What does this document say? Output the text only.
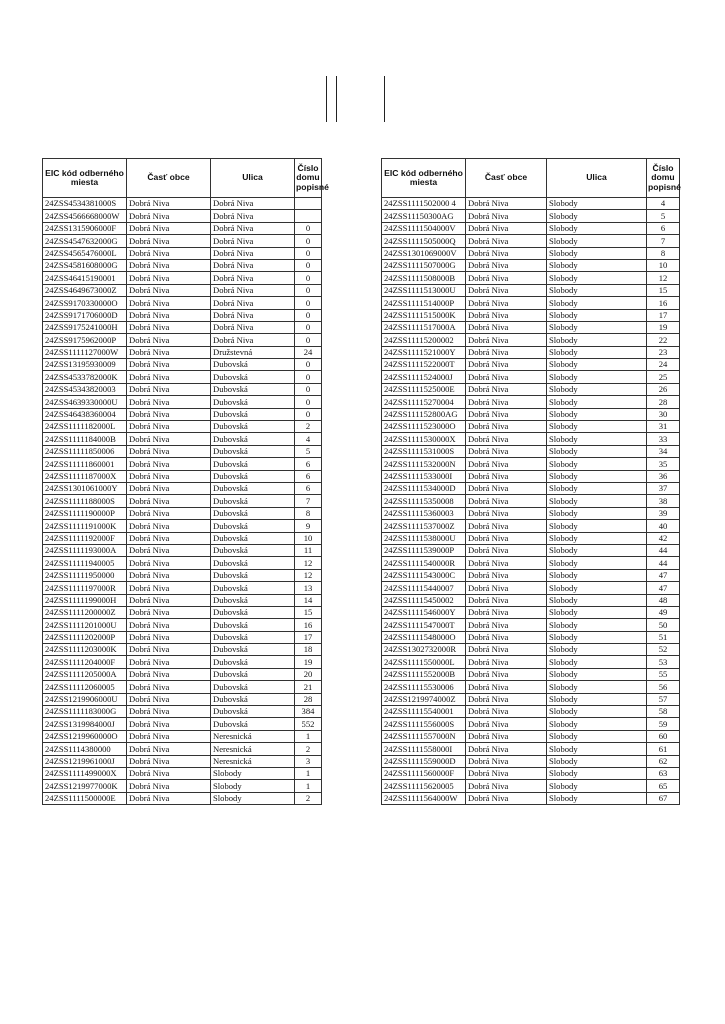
EIC kód odberného miesta	Časť obce	Ulica	Číslo domu popisné
24ZSS4534381000S	Dobrá Niva	Dobrá Niva	
24ZSS4566668000W	Dobrá Niva	Dobrá Niva	
24ZSS1315906000F	Dobrá Niva	Dobrá Niva	0
24ZSS4547632000G	Dobrá Niva	Dobrá Niva	0
24ZSS4565476000L	Dobrá Niva	Dobrá Niva	0
24ZSS4581608000G	Dobrá Niva	Dobrá Niva	0
24ZSS46415190001	Dobrá Niva	Dobrá Niva	0
24ZSS4649673000Z	Dobrá Niva	Dobrá Niva	0
24ZSS9170330000O	Dobrá Niva	Dobrá Niva	0
24ZSS9171706000D	Dobrá Niva	Dobrá Niva	0
24ZSS9175241000H	Dobrá Niva	Dobrá Niva	0
24ZSS9175962000P	Dobrá Niva	Dobrá Niva	0
24ZSS1111127000W	Dobrá Niva	Družstevná	24
24ZSS13195930009	Dobrá Niva	Dubovská	0
24ZSS4533782000K	Dobrá Niva	Dubovská	0
24ZSS45343820003	Dobrá Niva	Dubovská	0
24ZSS4639330000U	Dobrá Niva	Dubovská	0
24ZSS46438360004	Dobrá Niva	Dubovská	0
24ZSS1111182000L	Dobrá Niva	Dubovská	2
24ZSS1111184000B	Dobrá Niva	Dubovská	4
24ZSS11111850006	Dobrá Niva	Dubovská	5
24ZSS11111860001	Dobrá Niva	Dubovská	6
24ZSS1111187000X	Dobrá Niva	Dubovská	6
24ZSS1301061000Y	Dobrá Niva	Dubovská	6
24ZSS1111188000S	Dobrá Niva	Dubovská	7
24ZSS1111190000P	Dobrá Niva	Dubovská	8
24ZSS1111191000K	Dobrá Niva	Dubovská	9
24ZSS1111192000F	Dobrá Niva	Dubovská	10
24ZSS1111193000A	Dobrá Niva	Dubovská	11
24ZSS11111940005	Dobrá Niva	Dubovská	12
24ZSS11111950000	Dobrá Niva	Dubovská	12
24ZSS1111197000R	Dobrá Niva	Dubovská	13
24ZSS1111199000H	Dobrá Niva	Dubovská	14
24ZSS1111200000Z	Dobrá Niva	Dubovská	15
24ZSS1111201000U	Dobrá Niva	Dubovská	16
24ZSS1111202000P	Dobrá Niva	Dubovská	17
24ZSS1111203000K	Dobrá Niva	Dubovská	18
24ZSS1111204000F	Dobrá Niva	Dubovská	19
24ZSS1111205000A	Dobrá Niva	Dubovská	20
24ZSS11112060005	Dobrá Niva	Dubovská	21
24ZSS1219906000U	Dobrá Niva	Dubovská	28
24ZSS1111183000G	Dobrá Niva	Dubovská	384
24ZSS1319984000J	Dobrá Niva	Dubovská	552
24ZSS1219960000O	Dobrá Niva	Neresnická	1
24ZSS1114380000	Dobrá Niva	Neresnická	2
24ZSS1219961000J	Dobrá Niva	Neresnická	3
24ZSS1111499000X	Dobrá Niva	Slobody	1
24ZSS1219977000K	Dobrá Niva	Slobody	1
24ZSS1111500000E	Dobrá Niva	Slobody	2
EIC kód odberného miesta	Časť obce	Ulica	Číslo domu popisné
24ZSS1111502000 4	Dobrá Niva	Slobody	4
24ZSS11150300AG	Dobrá Niva	Slobody	5
24ZSS1111504000V	Dobrá Niva	Slobody	6
24ZSS1111505000Q	Dobrá Niva	Slobody	7
24ZSS1301069000V	Dobrá Niva	Slobody	8
24ZSS1111507000G	Dobrá Niva	Slobody	10
24ZSS1111508000B	Dobrá Niva	Slobody	12
24ZSS1111513000U	Dobrá Niva	Slobody	15
24ZSS1111514000P	Dobrá Niva	Slobody	16
24ZSS1111515000K	Dobrá Niva	Slobody	17
24ZSS1111517000A	Dobrá Niva	Slobody	19
24ZSS11115200002	Dobrá Niva	Slobody	22
24ZSS1111521000Y	Dobrá Niva	Slobody	23
24ZSS1111522000T	Dobrá Niva	Slobody	24
24ZSS1111524000J	Dobrá Niva	Slobody	25
24ZSS1111525000E	Dobrá Niva	Slobody	26
24ZSS11115270004	Dobrá Niva	Slobody	28
24ZSS111152800AG	Dobrá Niva	Slobody	30
24ZSS1111523000O	Dobrá Niva	Slobody	31
24ZSS1111530000X	Dobrá Niva	Slobody	33
24ZSS1111531000S	Dobrá Niva	Slobody	34
24ZSS1111532000N	Dobrá Niva	Slobody	35
24ZSS1111533000I	Dobrá Niva	Slobody	36
24ZSS1111534000D	Dobrá Niva	Slobody	37
24ZSS11115350008	Dobrá Niva	Slobody	38
24ZSS11115360003	Dobrá Niva	Slobody	39
24ZSS1111537000Z	Dobrá Niva	Slobody	40
24ZSS1111538000U	Dobrá Niva	Slobody	42
24ZSS1111539000P	Dobrá Niva	Slobody	44
24ZSS1111540000R	Dobrá Niva	Slobody	44
24ZSS1111543000C	Dobrá Niva	Slobody	47
24ZSS11115440007	Dobrá Niva	Slobody	47
24ZSS11115450002	Dobrá Niva	Slobody	48
24ZSS1111546000Y	Dobrá Niva	Slobody	49
24ZSS1111547000T	Dobrá Niva	Slobody	50
24ZSS1111548000O	Dobrá Niva	Slobody	51
24ZSS1302732000R	Dobrá Niva	Slobody	52
24ZSS1111550000L	Dobrá Niva	Slobody	53
24ZSS1111552000B	Dobrá Niva	Slobody	55
24ZSS11115530006	Dobrá Niva	Slobody	56
24ZSS1219974000Z	Dobrá Niva	Slobody	57
24ZSS11115540001	Dobrá Niva	Slobody	58
24ZSS1111556000S	Dobrá Niva	Slobody	59
24ZSS1111557000N	Dobrá Niva	Slobody	60
24ZSS1111558000I	Dobrá Niva	Slobody	61
24ZSS1111559000D	Dobrá Niva	Slobody	62
24ZSS1111560000F	Dobrá Niva	Slobody	63
24ZSS11115620005	Dobrá Niva	Slobody	65
24ZSS1111564000W	Dobrá Niva	Slobody	67
